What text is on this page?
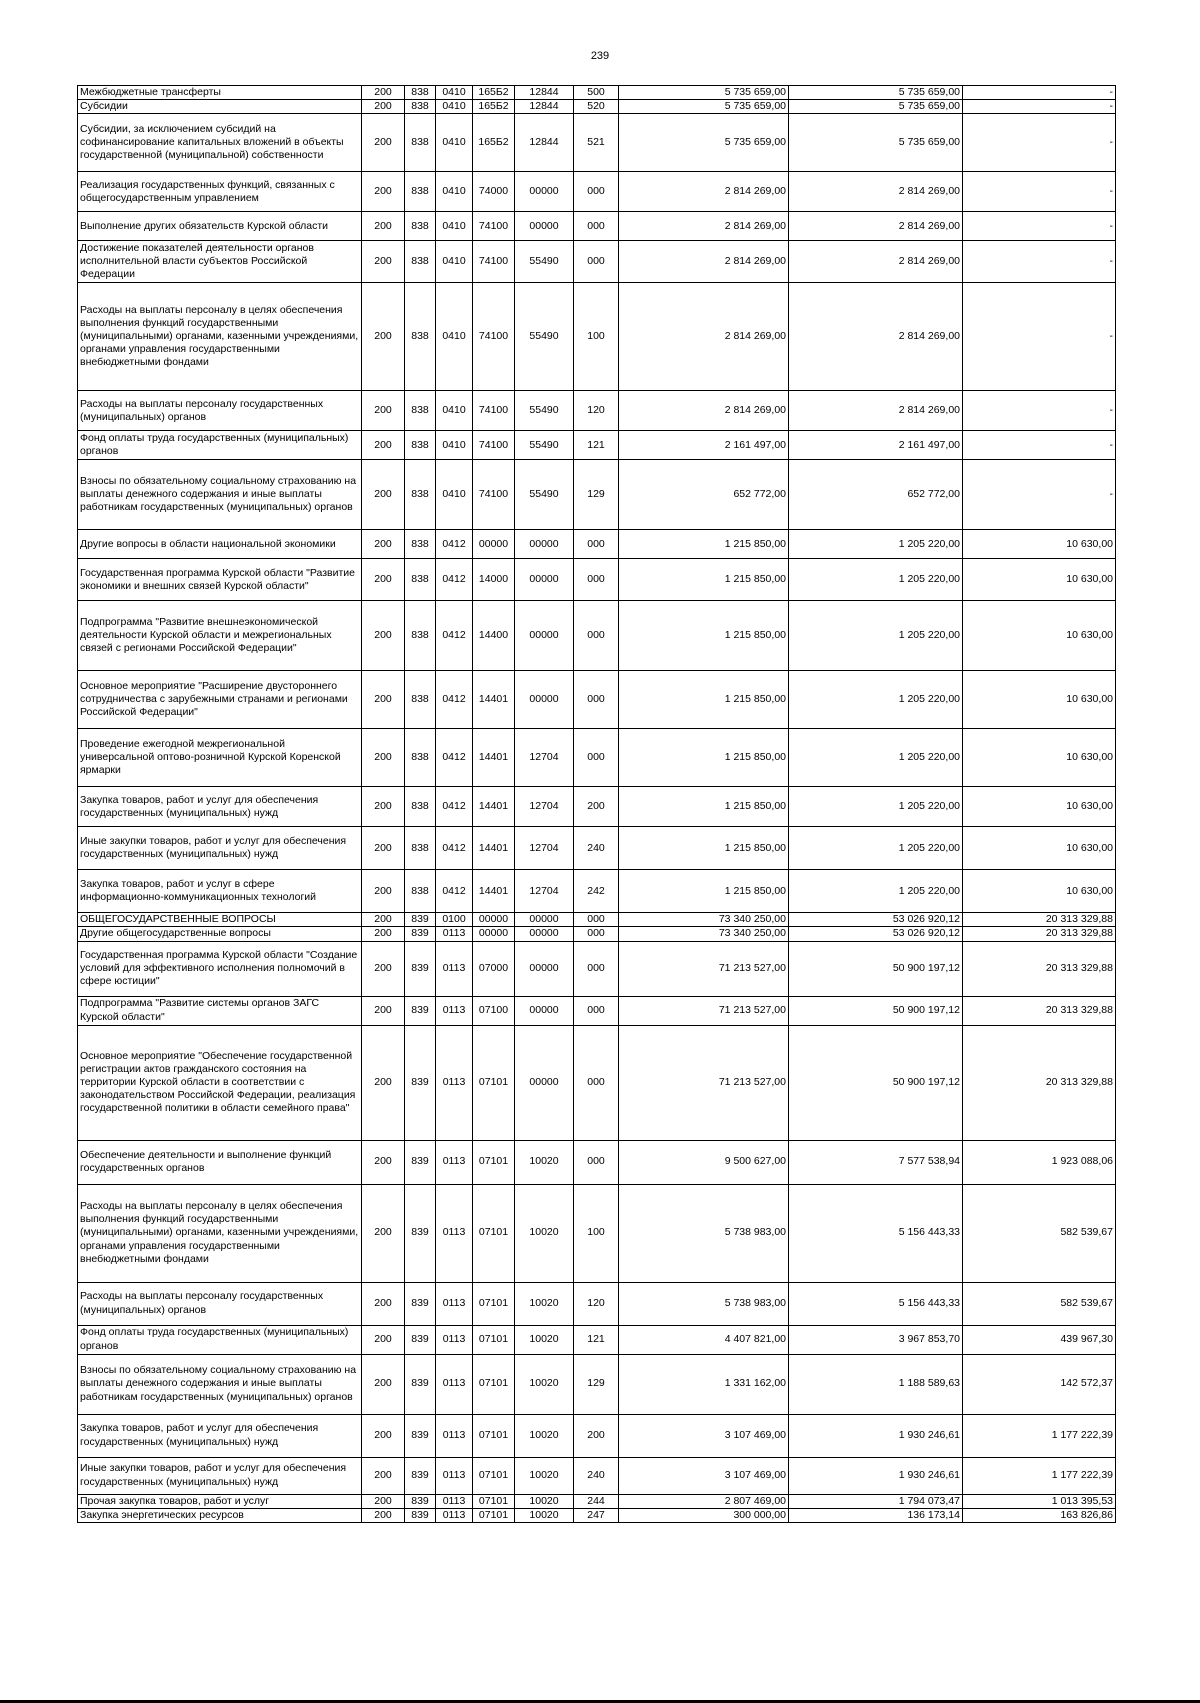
239
Межбюджетные трансферты	200	838	0410	165Б2	12844	500	5 735 659,00	5 735 659,00	-
Субсидии	200	838	0410	165Б2	12844	520	5 735 659,00	5 735 659,00	-
Субсидии, за исключением субсидий на софинансирование капитальных вложений в объекты государственной (муниципальной) собственности	200	838	0410	165Б2	12844	521	5 735 659,00	5 735 659,00	-
Реализация государственных функций, связанных с общегосударственным управлением	200	838	0410	74000	00000	000	2 814 269,00	2 814 269,00	-
Выполнение других обязательств Курской области	200	838	0410	74100	00000	000	2 814 269,00	2 814 269,00	-
Достижение показателей деятельности органов исполнительной власти субъектов Российской Федерации	200	838	0410	74100	55490	000	2 814 269,00	2 814 269,00	-
Расходы на выплаты персоналу в целях обеспечения выполнения функций государственными (муниципальными) органами, казенными учреждениями, органами управления государственными внебюджетными фондами	200	838	0410	74100	55490	100	2 814 269,00	2 814 269,00	-
Расходы на выплаты персоналу государственных (муниципальных) органов	200	838	0410	74100	55490	120	2 814 269,00	2 814 269,00	-
Фонд оплаты труда государственных (муниципальных) органов	200	838	0410	74100	55490	121	2 161 497,00	2 161 497,00	-
Взносы по обязательному социальному страхованию на выплаты денежного содержания и иные выплаты работникам государственных (муниципальных) органов	200	838	0410	74100	55490	129	652 772,00	652 772,00	-
Другие вопросы в области национальной экономики	200	838	0412	00000	00000	000	1 215 850,00	1 205 220,00	10 630,00
Государственная программа Курской области "Развитие экономики и внешних связей Курской области"	200	838	0412	14000	00000	000	1 215 850,00	1 205 220,00	10 630,00
Подпрограмма "Развитие внешнеэкономической деятельности Курской области и межрегиональных связей с регионами Российской Федерации"	200	838	0412	14400	00000	000	1 215 850,00	1 205 220,00	10 630,00
Основное мероприятие "Расширение двустороннего сотрудничества с зарубежными странами и регионами Российской Федерации"	200	838	0412	14401	00000	000	1 215 850,00	1 205 220,00	10 630,00
Проведение ежегодной межрегиональной универсальной оптово-розничной Курской Коренской ярмарки	200	838	0412	14401	12704	000	1 215 850,00	1 205 220,00	10 630,00
Закупка товаров, работ и услуг для обеспечения государственных (муниципальных) нужд	200	838	0412	14401	12704	200	1 215 850,00	1 205 220,00	10 630,00
Иные закупки товаров, работ и услуг для обеспечения государственных (муниципальных) нужд	200	838	0412	14401	12704	240	1 215 850,00	1 205 220,00	10 630,00
Закупка товаров, работ и услуг в сфере информационно-коммуникационных технологий	200	838	0412	14401	12704	242	1 215 850,00	1 205 220,00	10 630,00
ОБЩЕГОСУДАРСТВЕННЫЕ ВОПРОСЫ	200	839	0100	00000	00000	000	73 340 250,00	53 026 920,12	20 313 329,88
Другие общегосударственные вопросы	200	839	0113	00000	00000	000	73 340 250,00	53 026 920,12	20 313 329,88
Государственная программа Курской области "Создание условий для эффективного исполнения полномочий в сфере юстиции"	200	839	0113	07000	00000	000	71 213 527,00	50 900 197,12	20 313 329,88
Подпрограмма "Развитие системы органов ЗАГС Курской области"	200	839	0113	07100	00000	000	71 213 527,00	50 900 197,12	20 313 329,88
Основное мероприятие "Обеспечение государственной регистрации актов гражданского состояния на территории Курской области в соответствии с законодательством Российской Федерации, реализация государственной политики в области семейного права"	200	839	0113	07101	00000	000	71 213 527,00	50 900 197,12	20 313 329,88
Обеспечение деятельности и выполнение функций государственных органов	200	839	0113	07101	10020	000	9 500 627,00	7 577 538,94	1 923 088,06
Расходы на выплаты персоналу в целях обеспечения выполнения функций государственными (муниципальными) органами, казенными учреждениями, органами управления государственными внебюджетными фондами	200	839	0113	07101	10020	100	5 738 983,00	5 156 443,33	582 539,67
Расходы на выплаты персоналу государственных (муниципальных) органов	200	839	0113	07101	10020	120	5 738 983,00	5 156 443,33	582 539,67
Фонд оплаты труда государственных (муниципальных) органов	200	839	0113	07101	10020	121	4 407 821,00	3 967 853,70	439 967,30
Взносы по обязательному социальному страхованию на выплаты денежного содержания и иные выплаты работникам государственных (муниципальных) органов	200	839	0113	07101	10020	129	1 331 162,00	1 188 589,63	142 572,37
Закупка товаров, работ и услуг для обеспечения государственных (муниципальных) нужд	200	839	0113	07101	10020	200	3 107 469,00	1 930 246,61	1 177 222,39
Иные закупки товаров, работ и услуг для обеспечения государственных (муниципальных) нужд	200	839	0113	07101	10020	240	3 107 469,00	1 930 246,61	1 177 222,39
Прочая закупка товаров, работ и услуг	200	839	0113	07101	10020	244	2 807 469,00	1 794 073,47	1 013 395,53
Закупка энергетических ресурсов	200	839	0113	07101	10020	247	300 000,00	136 173,14	163 826,86
